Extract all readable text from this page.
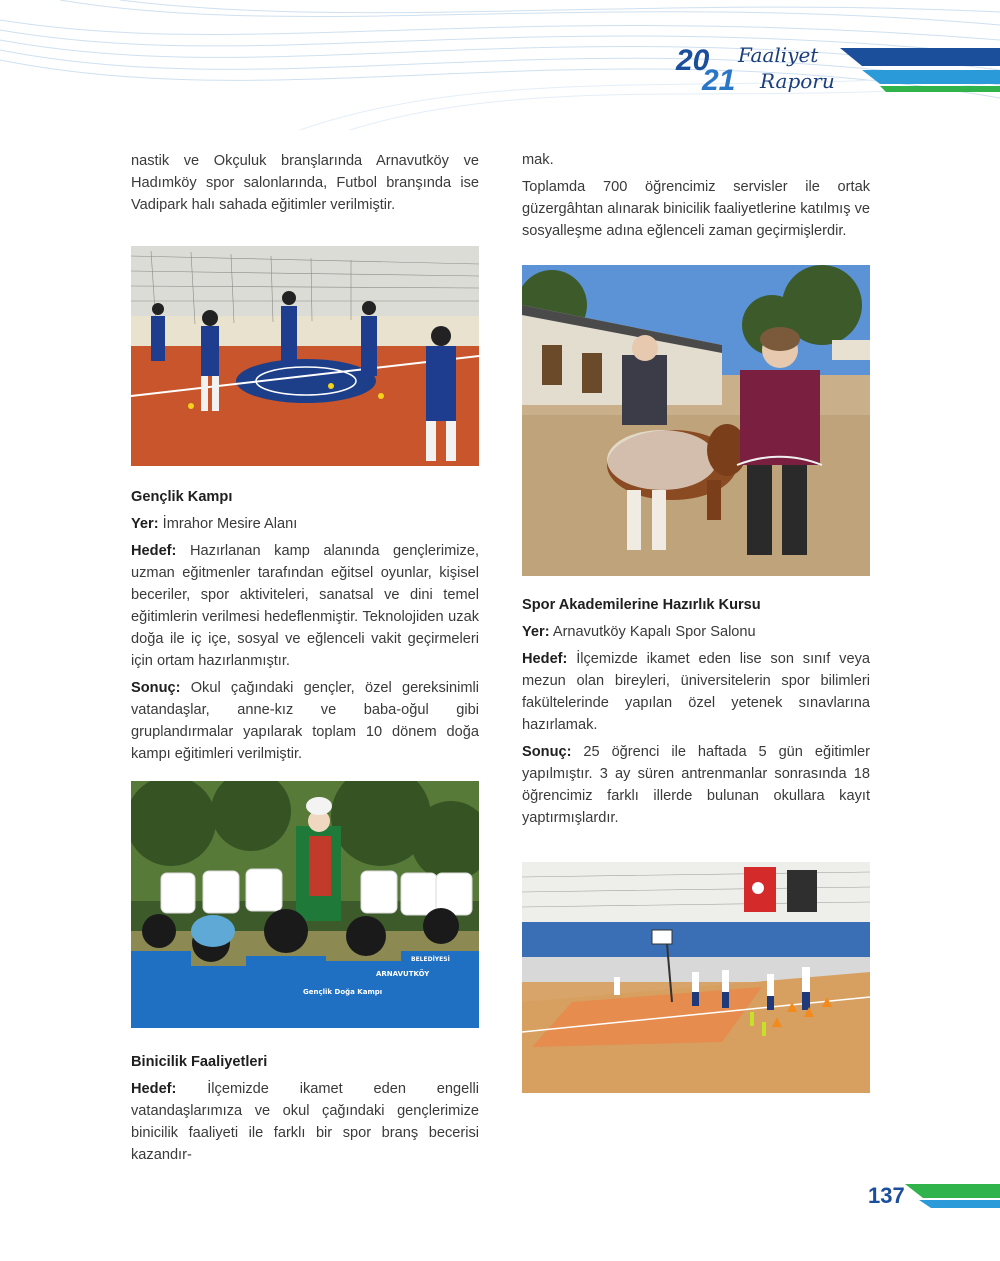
20
21
Faaliyet
Raporu

nastik ve Okçuluk branşlarında Arnavutköy ve Hadımköy spor salonlarında, Futbol branşında ise Vadipark halı sahada eğitimler verilmiştir.

Gençlik Kampı

Yer: İmrahor Mesire Alanı

Hedef: Hazırlanan kamp alanında gençlerimize, uzman eğitmenler tarafından eğitsel oyunlar, kişisel beceriler, spor aktiviteleri, sanatsal ve dini temel eğitimlerin verilmesi hedeflenmiştir. Teknolojiden uzak doğa ile iç içe, sosyal ve eğlenceli vakit geçirmeleri için ortam hazırlanmıştır.

Sonuç: Okul çağındaki gençler, özel gereksinimli vatandaşlar, anne-kız ve baba-oğul gibi gruplandırmalar yapılarak toplam 10 dönem doğa kampı eğitimleri verilmiştir.

Gençlik Doğa Kampı
ARNAVUTKÖY
BELEDİYESİ

Binicilik Faaliyetleri

Hedef: İlçemizde ikamet eden engelli vatandaşlarımıza ve okul çağındaki gençlerimize binicilik faaliyeti ile farklı bir spor branş becerisi kazandır-

mak.

Toplamda 700 öğrencimiz servisler ile ortak güzergâhtan alınarak binicilik faaliyetlerine katılmış ve sosyalleşme adına eğlenceli zaman geçirmişlerdir.

Spor Akademilerine Hazırlık Kursu

Yer: Arnavutköy Kapalı Spor Salonu

Hedef: İlçemizde ikamet eden lise son sınıf veya mezun olan bireyleri, üniversitelerin spor bilimleri fakültelerinde yapılan özel yetenek sınavlarına hazırlamak.

Sonuç: 25 öğrenci ile haftada 5 gün eğitimler yapılmıştır. 3 ay süren antrenmanlar sonrasında 18 öğrencimiz farklı illerde bulunan okullara kayıt yaptırmışlardır.

137
